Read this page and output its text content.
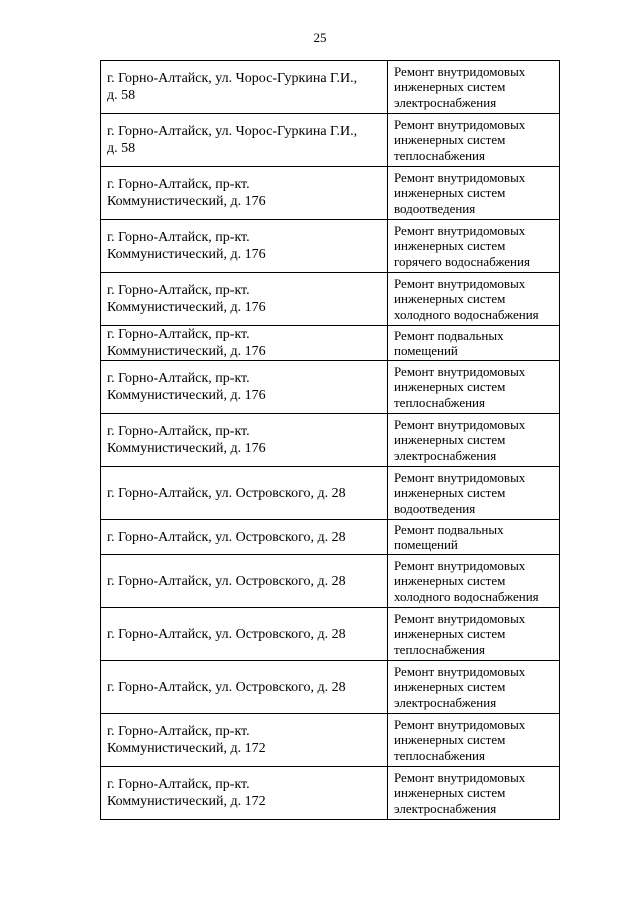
25
г. Горно-Алтайск, ул. Чорос-Гуркина Г.И.,
д. 58	Ремонт внутридомовых
инженерных систем
электроснабжения

г. Горно-Алтайск, ул. Чорос-Гуркина Г.И.,
д. 58	Ремонт внутридомовых
инженерных систем
теплоснабжения

г. Горно-Алтайск, пр-кт.
Коммунистический, д. 176	Ремонт внутридомовых
инженерных систем
водоотведения

г. Горно-Алтайск, пр-кт.
Коммунистический, д. 176	Ремонт внутридомовых
инженерных систем
горячего водоснабжения

г. Горно-Алтайск, пр-кт.
Коммунистический, д. 176	Ремонт внутридомовых
инженерных систем
холодного водоснабжения

г. Горно-Алтайск, пр-кт.
Коммунистический, д. 176	Ремонт подвальных
помещений

г. Горно-Алтайск, пр-кт.
Коммунистический, д. 176	Ремонт внутридомовых
инженерных систем
теплоснабжения

г. Горно-Алтайск, пр-кт.
Коммунистический, д. 176	Ремонт внутридомовых
инженерных систем
электроснабжения

г. Горно-Алтайск, ул. Островского, д. 28	Ремонт внутридомовых
инженерных систем
водоотведения

г. Горно-Алтайск, ул. Островского, д. 28	Ремонт подвальных
помещений

г. Горно-Алтайск, ул. Островского, д. 28	Ремонт внутридомовых
инженерных систем
холодного водоснабжения

г. Горно-Алтайск, ул. Островского, д. 28	Ремонт внутридомовых
инженерных систем
теплоснабжения

г. Горно-Алтайск, ул. Островского, д. 28	Ремонт внутридомовых
инженерных систем
электроснабжения

г. Горно-Алтайск, пр-кт.
Коммунистический, д. 172	Ремонт внутридомовых
инженерных систем
теплоснабжения

г. Горно-Алтайск, пр-кт.
Коммунистический, д. 172	Ремонт внутридомовых
инженерных систем
электроснабжения
